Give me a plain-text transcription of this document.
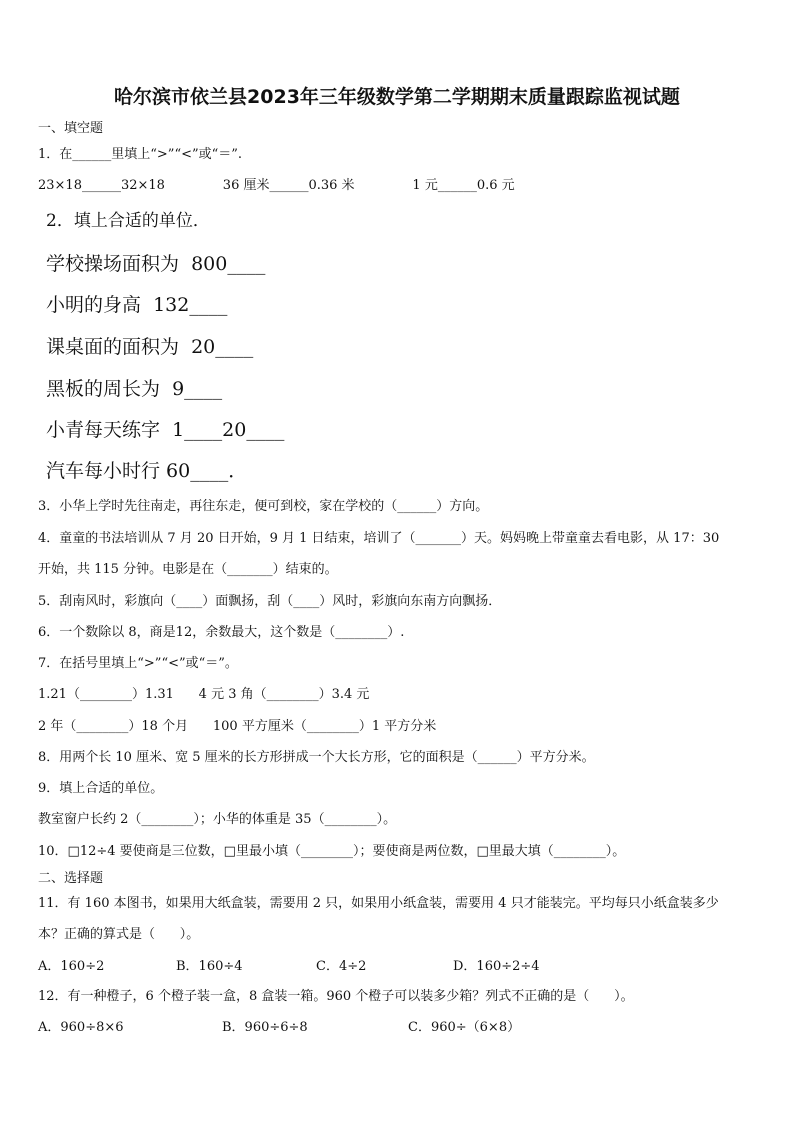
哈尔滨市依兰县2023年三年级数学第二学期期末质量跟踪监视试题
一、填空题
1．在______里填上“>”“<”或“＝”.
23×18______32×18              36 厘米______0.36 米              1 元______0.6 元
2．填上合适的单位．
学校操场面积为  800____
小明的身高  132____
课桌面的面积为  20____
黑板的周长为  9____
小青每天练字  1____20____
汽车每小时行 60____．
3．小华上学时先往南走，再往东走，便可到校，家在学校的（______）方向。
4．童童的书法培训从 7 月 20 日开始，9 月 1 日结束，培训了（_______）天。妈妈晚上带童童去看电影，从 17：30
开始，共 115 分钟。电影是在（_______）结束的。
5．刮南风时，彩旗向（____）面飘扬，刮（____）风时，彩旗向东南方向飘扬．
6．一个数除以 8，商是12，余数最大，这个数是（________）.
7．在括号里填上“>”“<”或“＝”。
1.21（________）1.31      4 元 3 角（________）3.4 元
2 年（________）18 个月      100 平方厘米（________）1 平方分米
8．用两个长 10 厘米、宽 5 厘米的长方形拼成一个大长方形，它的面积是（______）平方分米。
9．填上合适的单位。
教室窗户长约 2（________）；小华的体重是 35（________）。
10．□12÷4 要使商是三位数，□里最小填（________）；要使商是两位数，□里最大填（________）。
二、选择题
11．有 160 本图书，如果用大纸盒装，需要用 2 只，如果用小纸盒装，需要用 4 只才能装完。平均每只小纸盒装多少
本？正确的算式是（      ）。
A．160÷2	B．160÷4	C．4÷2	D．160÷2÷4
12．有一种橙子，6 个橙子装一盒，8 盒装一箱。960 个橙子可以装多少箱？列式不正确的是（      ）。
A．960÷8×6	B．960÷6÷8	C．960÷（6×8）
